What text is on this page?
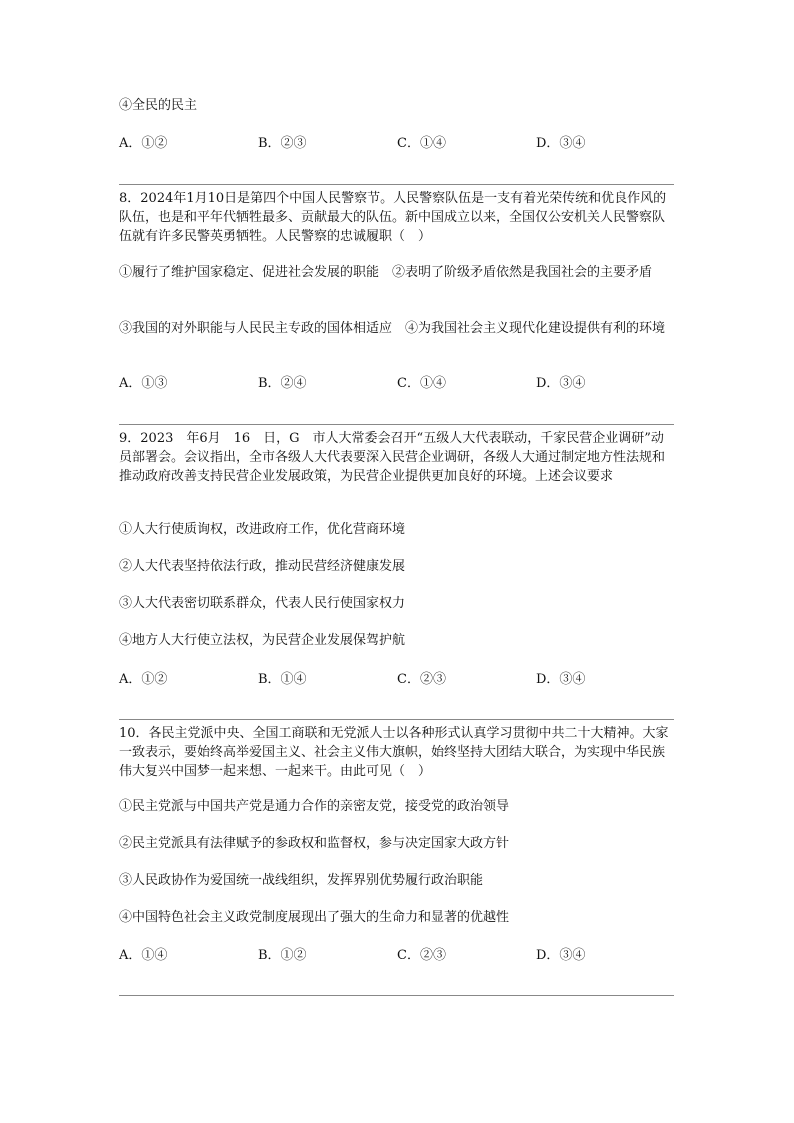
④全民的民主
A．①②	B．②③	C．①④	D．③④
8．2024年1月10日是第四个中国人民警察节。人民警察队伍是一支有着光荣传统和优良作风的队伍，也是和平年代牺牲最多、贡献最大的队伍。新中国成立以来，全国仅公安机关人民警察队伍就有许多民警英勇牺牲。人民警察的忠诚履职（　）
①履行了维护国家稳定、促进社会发展的职能　②表明了阶级矛盾依然是我国社会的主要矛盾
③我国的对外职能与人民民主专政的国体相适应　④为我国社会主义现代化建设提供有利的环境
A．①③	B．②④	C．①④	D．③④
9．2023　年6月　16　日，G　市人大常委会召开“五级人大代表联动，千家民营企业调研”动员部署会。会议指出，全市各级人大代表要深入民营企业调研，各级人大通过制定地方性法规和推动政府改善支持民营企业发展政策，为民营企业提供更加良好的环境。上述会议要求
①人大行使质询权，改进政府工作，优化营商环境
②人大代表坚持依法行政，推动民营经济健康发展
③人大代表密切联系群众，代表人民行使国家权力
④地方人大行使立法权，为民营企业发展保驾护航
A．①②	B．①④	C．②③	D．③④
10．各民主党派中央、全国工商联和无党派人士以各种形式认真学习贯彻中共二十大精神。大家一致表示，要始终高举爱国主义、社会主义伟大旗帜，始终坚持大团结大联合，为实现中华民族伟大复兴中国梦一起来想、一起来干。由此可见（　）
①民主党派与中国共产党是通力合作的亲密友党，接受党的政治领导
②民主党派具有法律赋予的参政权和监督权，参与决定国家大政方针
③人民政协作为爱国统一战线组织，发挥界别优势履行政治职能
④中国特色社会主义政党制度展现出了强大的生命力和显著的优越性
A．①④	B．①②	C．②③	D．③④
